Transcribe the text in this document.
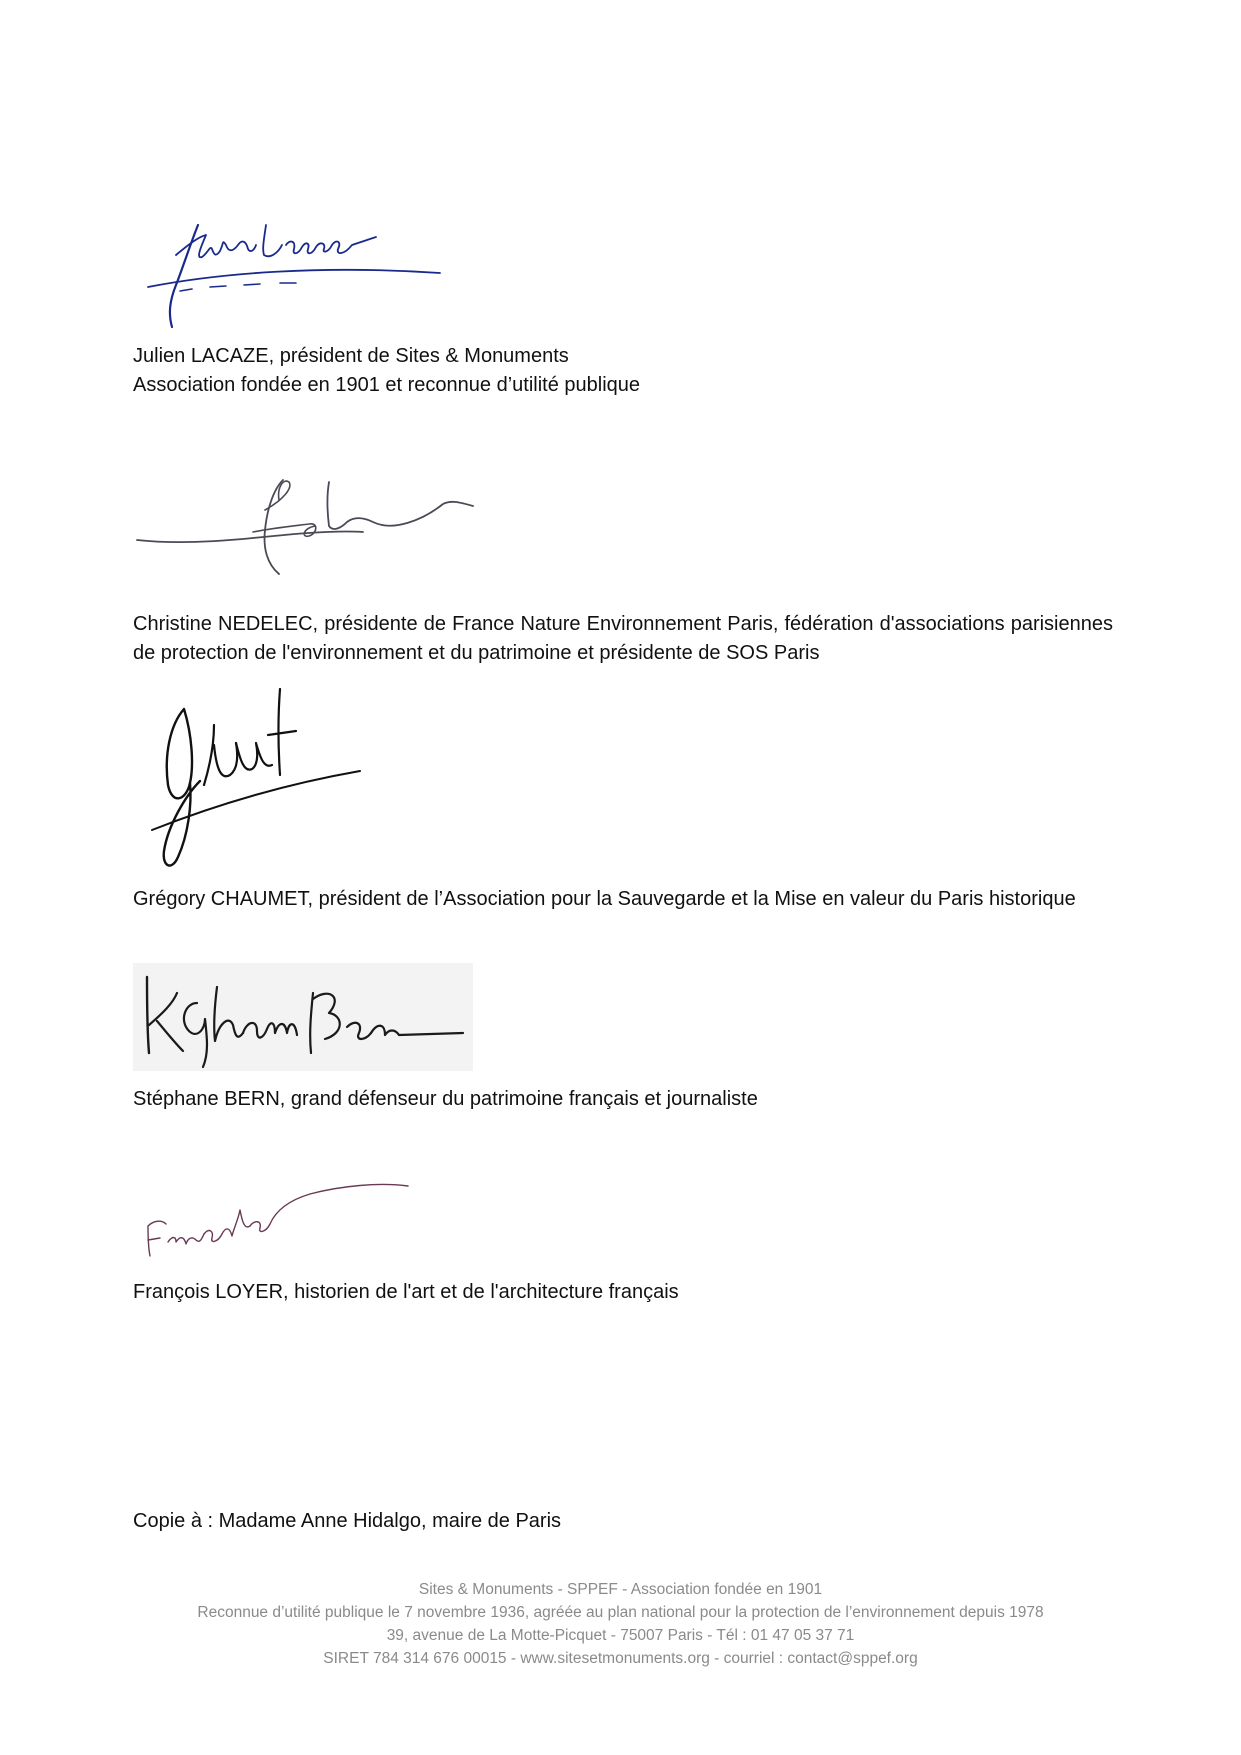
Julien LACAZE, président de Sites & Monuments

Association fondée en 1901 et reconnue d’utilité publique

Christine NEDELEC, présidente de France Nature Environnement Paris, fédération d'associations parisiennes de protection de l'environnement et du patrimoine et présidente de SOS Paris

Grégory CHAUMET, président de l’Association pour la Sauvegarde et la Mise en valeur du Paris historique

Stéphane BERN, grand défenseur du patrimoine français et journaliste

François LOYER, historien de l'art et de l'architecture français

Copie à : Madame Anne Hidalgo, maire de Paris

Sites & Monuments - SPPEF - Association fondée en 1901

Reconnue d’utilité publique le 7 novembre 1936, agréée au plan national pour la protection de l’environnement depuis 1978

39, avenue de La Motte-Picquet - 75007 Paris - Tél : 01 47 05 37 71

SIRET 784 314 676 00015 - www.sitesetmonuments.org - courriel : contact@sppef.org
